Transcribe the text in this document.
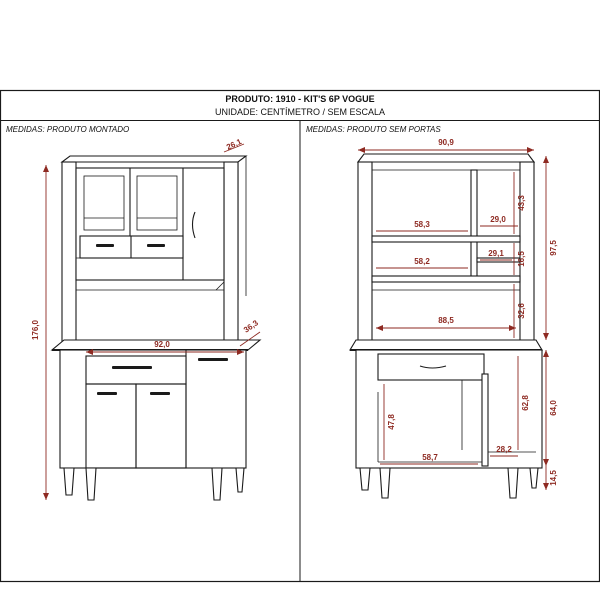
PRODUTO: 1910 - KIT'S 6P VOGUE
UNIDADE: CENTÍMETRO / SEM ESCALA
MEDIDAS: PRODUTO MONTADO	MEDIDAS: PRODUTO SEM PORTAS
176,0
26,1
92,0
36,3
90,9
58,3
29,0
43,3
58,2
29,1 16,5
97,5
32,6
88,5
47,8
62,8 64,0
58,7
28,2
14,5
